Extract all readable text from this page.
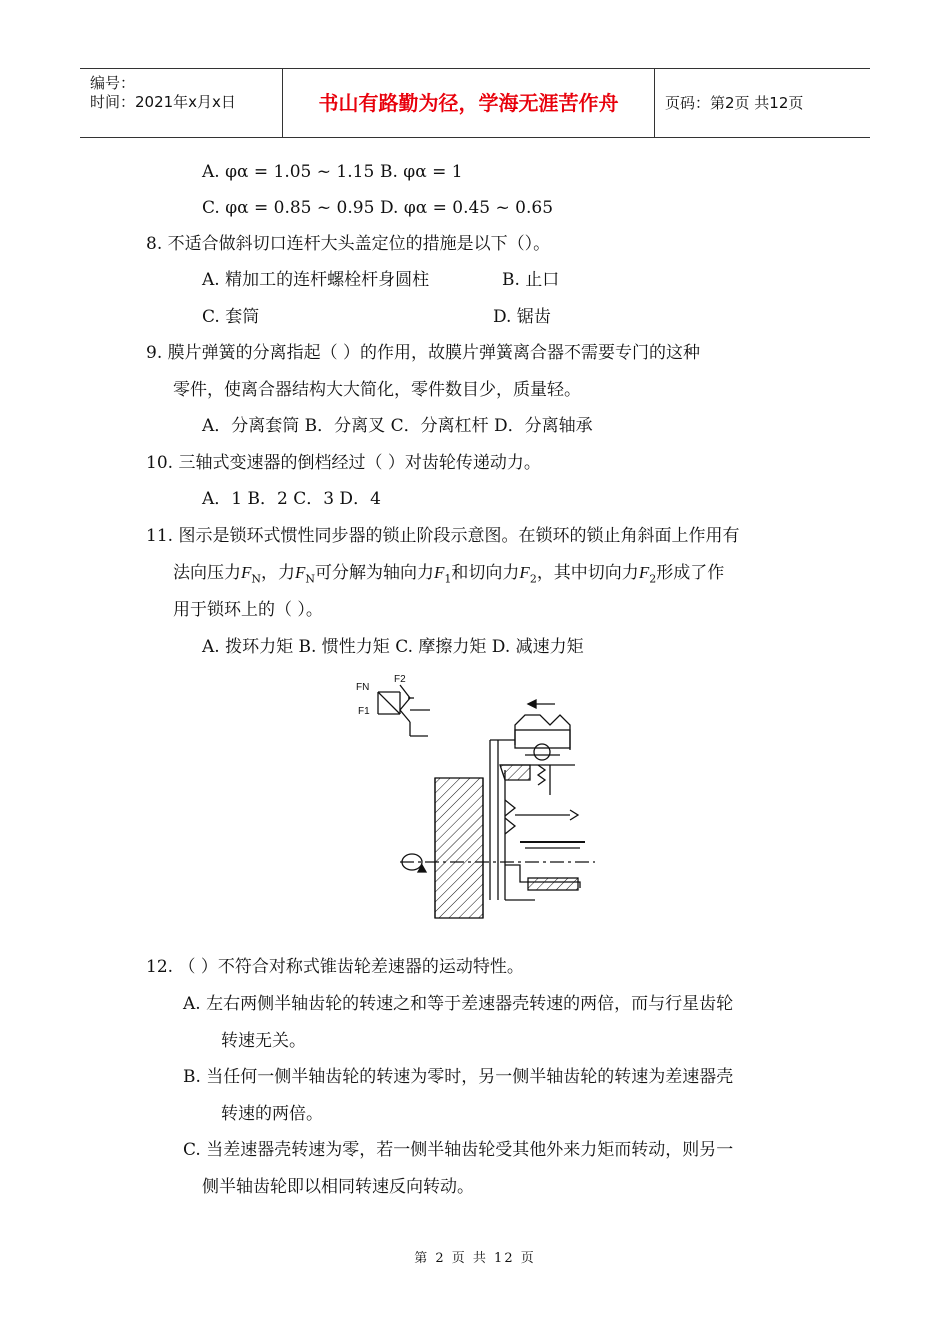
编号：
时间：2021年x月x日	书山有路勤为径，学海无涯苦作舟	页码：第2页 共12页
A. φα = 1.05 ~ 1.15 B. φα = 1
C. φα = 0.85 ~ 0.95 D. φα = 0.45 ~ 0.65
8. 不适合做斜切口连杆大头盖定位的措施是以下（）。
A. 精加工的连杆螺栓杆身圆柱	B. 止口
C. 套筒	D. 锯齿
9. 膜片弹簧的分离指起（ ）的作用，故膜片弹簧离合器不需要专门的这种
零件，使离合器结构大大简化，零件数目少，质量轻。
A．分离套筒 B．分离叉 C．分离杠杆 D．分离轴承
10. 三轴式变速器的倒档经过（ ）对齿轮传递动力。
A．1 B．2 C．3 D．4
11. 图示是锁环式惯性同步器的锁止阶段示意图。在锁环的锁止角斜面上作用有
法向压力$F_N$，力$F_N$可分解为轴向力$F_1$和切向力$F_2$，其中切向力$F_2$形成了作
用于锁环上的（ ）。
A. 拨环力矩 B. 惯性力矩 C. 摩擦力矩 D. 减速力矩
FN
F2
F1
12. （ ）不符合对称式锥齿轮差速器的运动特性。
A. 左右两侧半轴齿轮的转速之和等于差速器壳转速的两倍，而与行星齿轮
转速无关。
B. 当任何一侧半轴齿轮的转速为零时，另一侧半轴齿轮的转速为差速器壳
转速的两倍。
C. 当差速器壳转速为零，若一侧半轴齿轮受其他外来力矩而转动，则另一
侧半轴齿轮即以相同转速反向转动。
第 2 页 共 12 页
